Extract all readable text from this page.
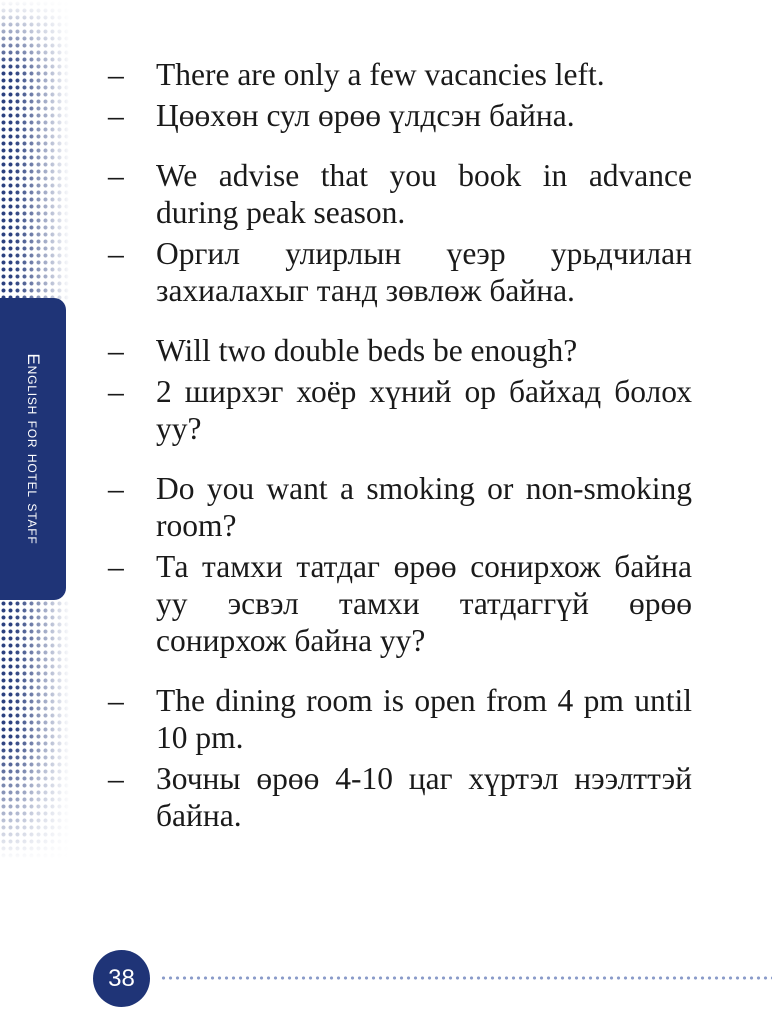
English for hotel staff
– There are only a few vacancies left.
– Цөөхөн сул өрөө үлдсэн байна.
– We advise that you book in advance during peak season.
– Оргил улирлын үеэр урьдчилан захиалахыг танд зөвлөж байна.
– Will two double beds be enough?
– 2 ширхэг хоёр хүний ор байхад болох уу?
– Do you want a smoking or non-smoking room?
– Та тамхи татдаг өрөө сонирхож байна уу эсвэл тамхи татдаггүй өрөө сонирхож байна уу?
– The dining room is open from 4 pm until 10 pm.
– Зочны өрөө 4-10 цаг хүртэл нээлттэй байна.
38
